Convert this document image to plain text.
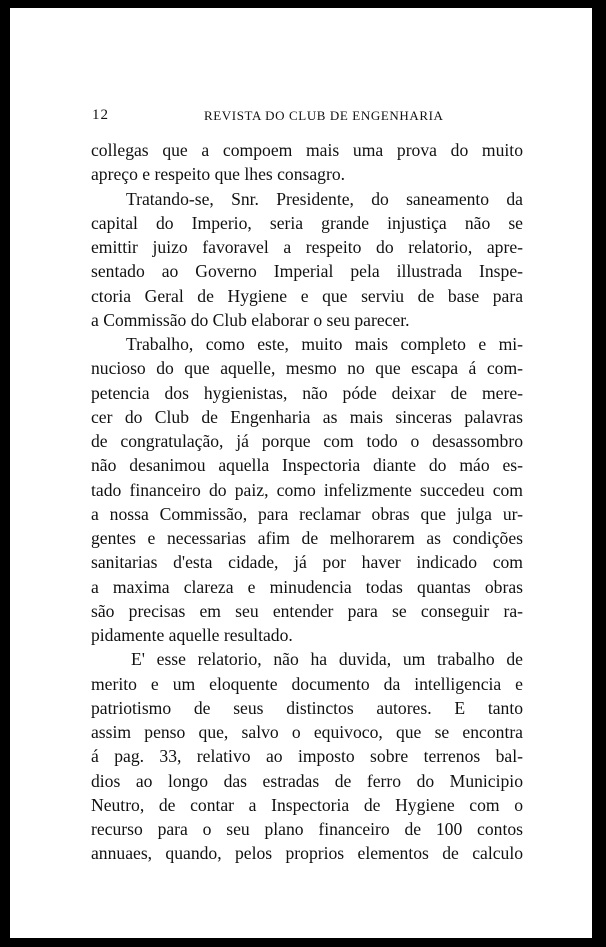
12	REVISTA DO CLUB DE ENGENHARIA
collegas que a compoem mais uma prova do muito
apreço e respeito que lhes consagro.
Tratando-se, Snr. Presidente, do saneamento da
capital do Imperio, seria grande injustiça não se
emittir juizo favoravel a respeito do relatorio, apre-
sentado ao Governo Imperial pela illustrada Inspe-
ctoria Geral de Hygiene e que serviu de base para
a Commissão do Club elaborar o seu parecer.
Trabalho, como este, muito mais completo e mi-
nucioso do que aquelle, mesmo no que escapa á com-
petencia dos hygienistas, não póde deixar de mere-
cer do Club de Engenharia as mais sinceras palavras
de congratulação, já porque com todo o desassombro
não desanimou aquella Inspectoria diante do máo es-
tado financeiro do paiz, como infelizmente succedeu com
a nossa Commissão, para reclamar obras que julga ur-
gentes e necessarias afim de melhorarem as condições
sanitarias d'esta cidade, já por haver indicado com
a maxima clareza e minudencia todas quantas obras
são precisas em seu entender para se conseguir ra-
pidamente aquelle resultado.
E' esse relatorio, não ha duvida, um trabalho de
merito e um eloquente documento da intelligencia e
patriotismo de seus distinctos autores. E tanto
assim penso que, salvo o equivoco, que se encontra
á pag. 33, relativo ao imposto sobre terrenos bal-
dios ao longo das estradas de ferro do Municipio
Neutro, de contar a Inspectoria de Hygiene com o
recurso para o seu plano financeiro de 100 contos
annuaes, quando, pelos proprios elementos de calculo
